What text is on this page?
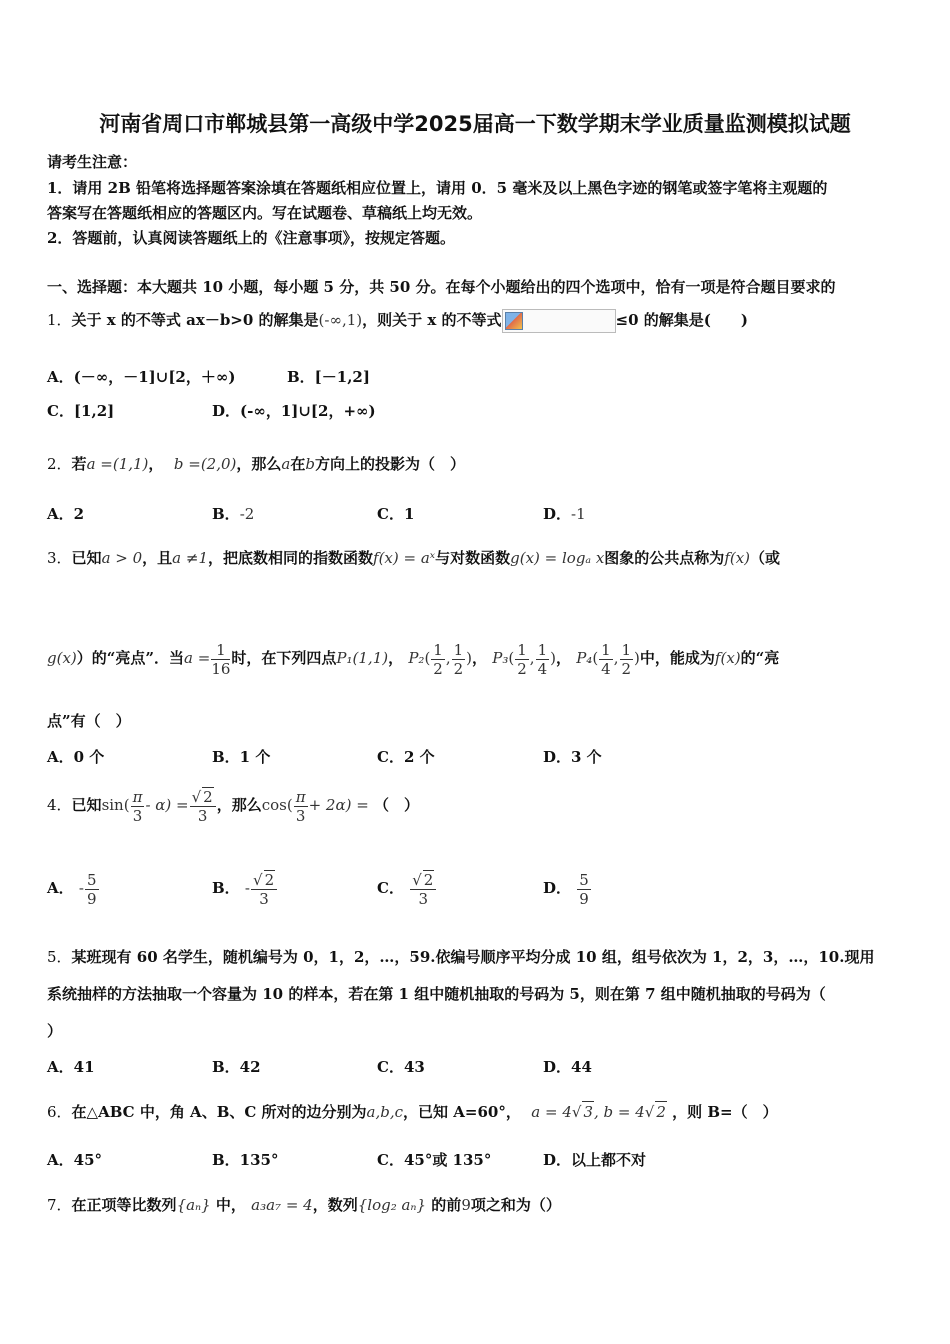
河南省周口市郸城县第一高级中学2025届高一下数学期末学业质量监测模拟试题
请考生注意：
1．请用 2B 铅笔将选择题答案涂填在答题纸相应位置上，请用 0．5 毫米及以上黑色字迹的钢笔或签字笔将主观题的
答案写在答题纸相应的答题区内。写在试题卷、草稿纸上均无效。
2．答题前，认真阅读答题纸上的《注意事项》，按规定答题。
一、选择题：本大题共 10 小题，每小题 5 分，共 50 分。在每个小题给出的四个选项中，恰有一项是符合题目要求的
1．关于 x 的不等式 ax－b>0 的解集是(-∞,1)，则关于 x 的不等式	≤0 的解集是(　　)
A．(－∞，－1]∪[2，＋∞)	B．[－1,2]
C．[1,2]	D．(-∞，1]∪[2，+∞)
2．若a =(1,1)， b =(2,0)，那么a在b方向上的投影为（　）
A．2	B．-2	C．1	D．-1
3．已知a > 0，且a ≠1，把底数相同的指数函数f(x) = aˣ与对数函数g(x) = logₐ x图象的公共点称为f(x)（或
g(x)）的“亮点”．当$a = \frac{1}{16}$ 时，在下列四点P₁(1,1)， $P_2( \frac{1}{2}$ , $\frac{1}{2}$ )， $P_3( \frac{1}{2}$ , $\frac{1}{4}$ )， $P_4( \frac{1}{4}$ , $\frac{1}{2}$ )中，能成为f(x)的“亮
点”有（　）
A．0 个	B．1 个	C．2 个	D．3 个
4．已知$\sin( \frac{\pi}{3} - \alpha) = \frac{√ 2}{3}$ ，那么$\cos( \frac{\pi}{3} + 2\alpha)$ = （　）
A． - $\frac{5}{9}$	B． - $\frac{√ 2}{3}$	C． $\frac{√ 2}{3}$	D． $\frac{5}{9}$
5．某班现有 60 名学生，随机编号为 0，1，2，…，59.依编号顺序平均分成 10 组，组号依次为 1，2，3，…，10.现用
系统抽样的方法抽取一个容量为 10 的样本，若在第 1 组中随机抽取的号码为 5，则在第 7 组中随机抽取的号码为（
）
A．41	B．42	C．43	D．44
6．在△ABC 中，角 A、B、C 所对的边分别为a,b,c，已知 A=60°， a = 4√ 3, b = 4√ 2 ，则 B=（　）
A．45°	B．135°	C．45°或 135°	D．以上都不对
7．在正项等比数列{aₙ} 中， a₃a₇ = 4，数列{log₂ aₙ} 的前9项之和为（）
